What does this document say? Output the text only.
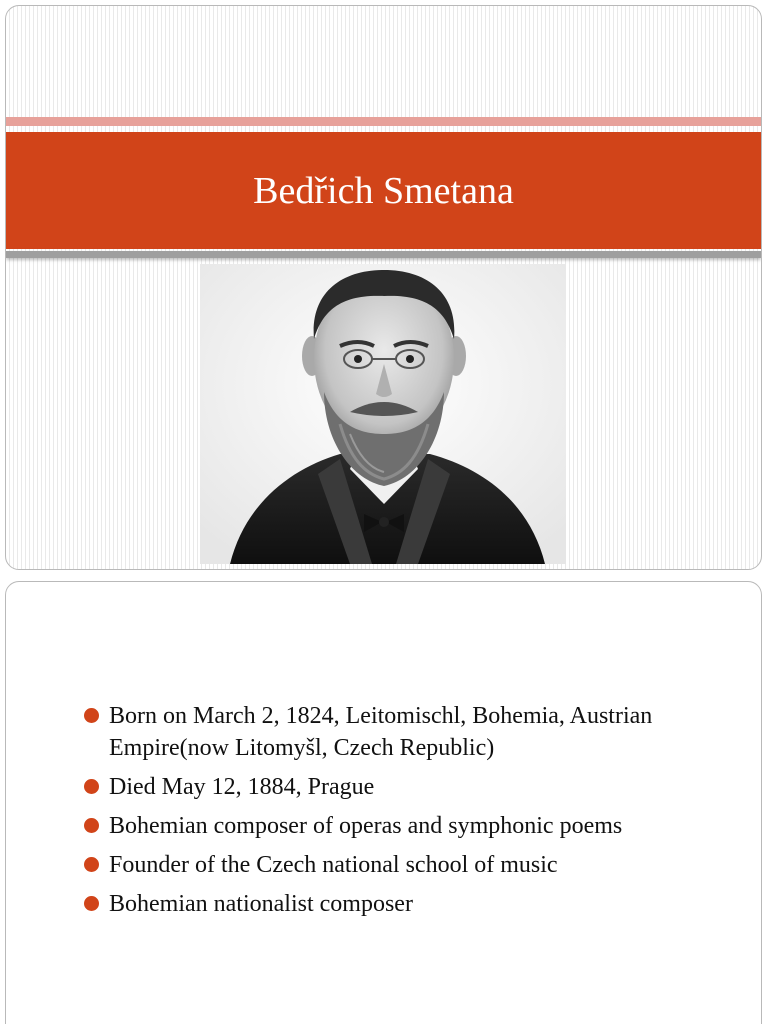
Bedřich Smetana
Born on March 2, 1824, Leitomischl, Bohemia, Austrian Empire(now Litomyšl, Czech Republic)
Died May 12, 1884, Prague
Bohemian composer of operas and symphonic poems
Founder of the Czech national school of music
Bohemian nationalist composer
